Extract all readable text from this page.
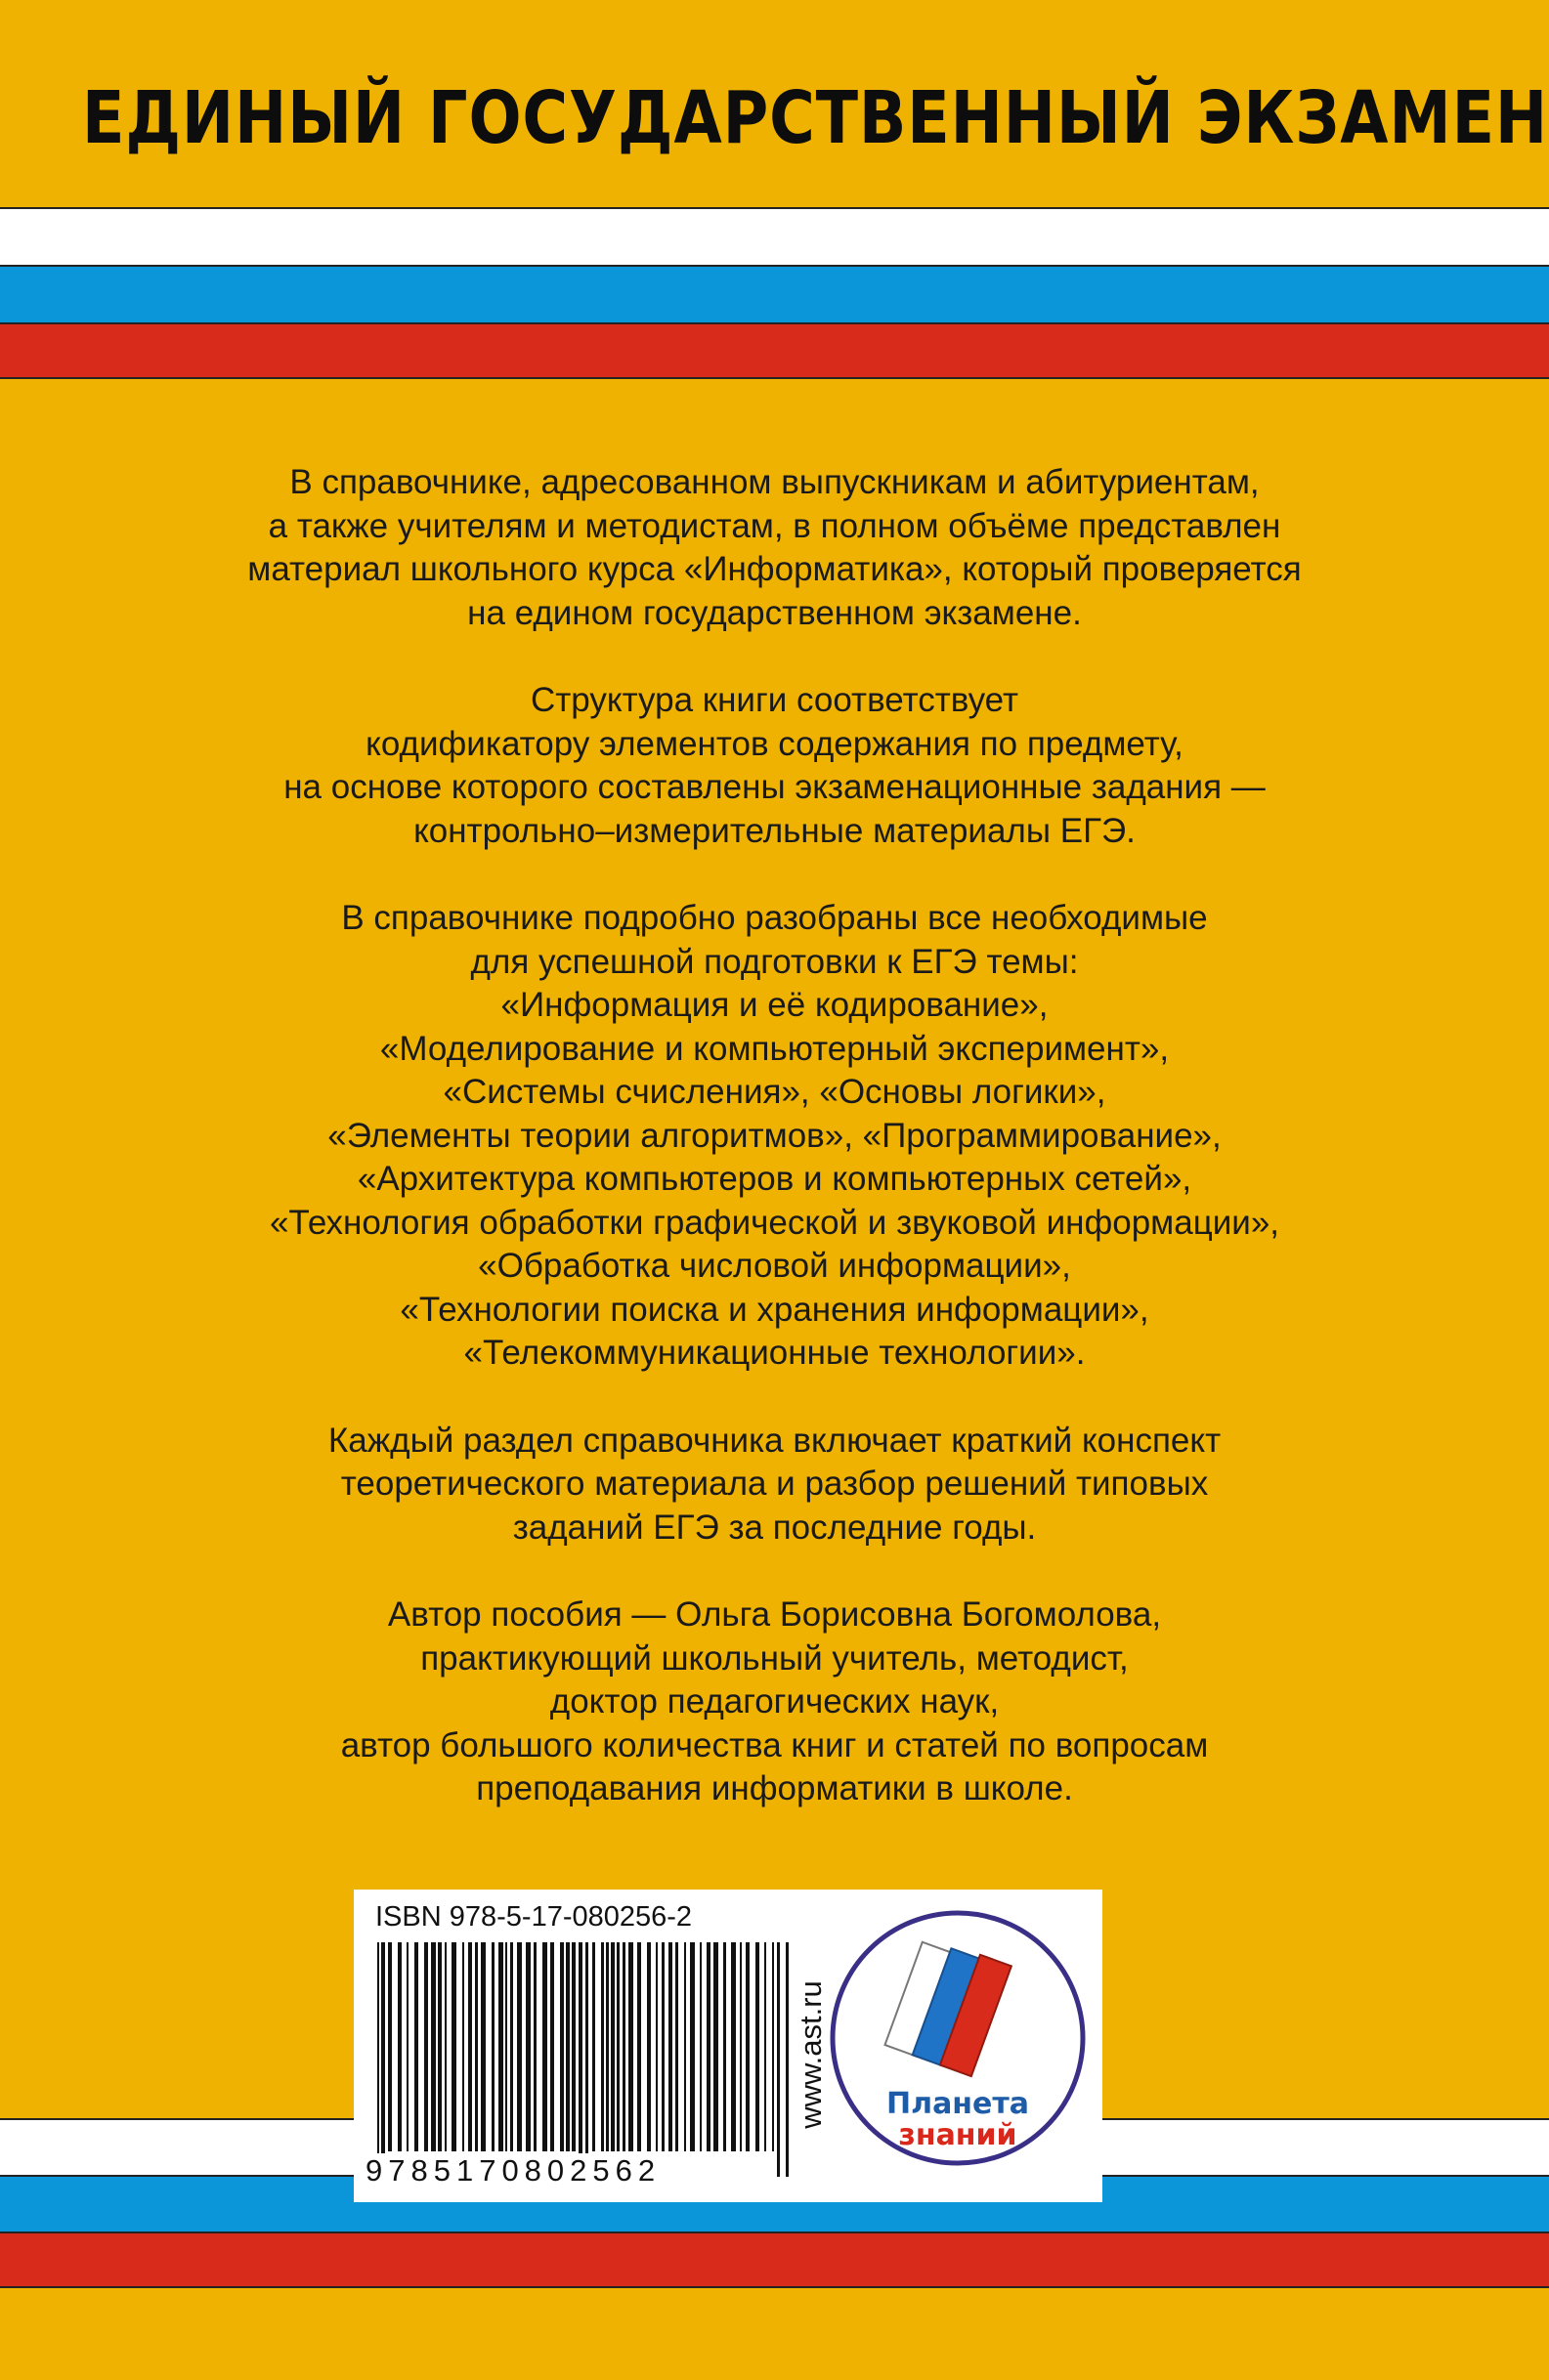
ЕДИНЫЙ ГОСУДАРСТВЕННЫЙ ЭКЗАМЕН

В справочнике, адресованном выпускникам и абитуриентам,
а также учителям и методистам, в полном объёме представлен
материал школьного курса «Информатика», который проверяется
на едином государственном экзамене.

Структура книги соответствует
кодификатору элементов содержания по предмету,
на основе которого составлены экзаменационные задания —
контрольно–измерительные материалы ЕГЭ.

В справочнике подробно разобраны все необходимые
для успешной подготовки к ЕГЭ темы:
«Информация и её кодирование»,
«Моделирование и компьютерный эксперимент»,
«Системы счисления», «Основы логики»,
«Элементы теории алгоритмов», «Программирование»,
«Архитектура компьютеров и компьютерных сетей»,
«Технология обработки графической и звуковой информации»,
«Обработка числовой информации»,
«Технологии поиска и хранения информации»,
«Телекоммуникационные технологии».

Каждый раздел справочника включает краткий конспект
теоретического материала и разбор решений типовых
заданий ЕГЭ за последние годы.

Автор пособия — Ольга Борисовна Богомолова,
практикующий школьный учитель, методист,
доктор педагогических наук,
автор большого количества книг и статей по вопросам
преподавания информатики в школе.

ISBN 978-5-17-080256-2
9785170802562
www.ast.ru	Планета
знаний
